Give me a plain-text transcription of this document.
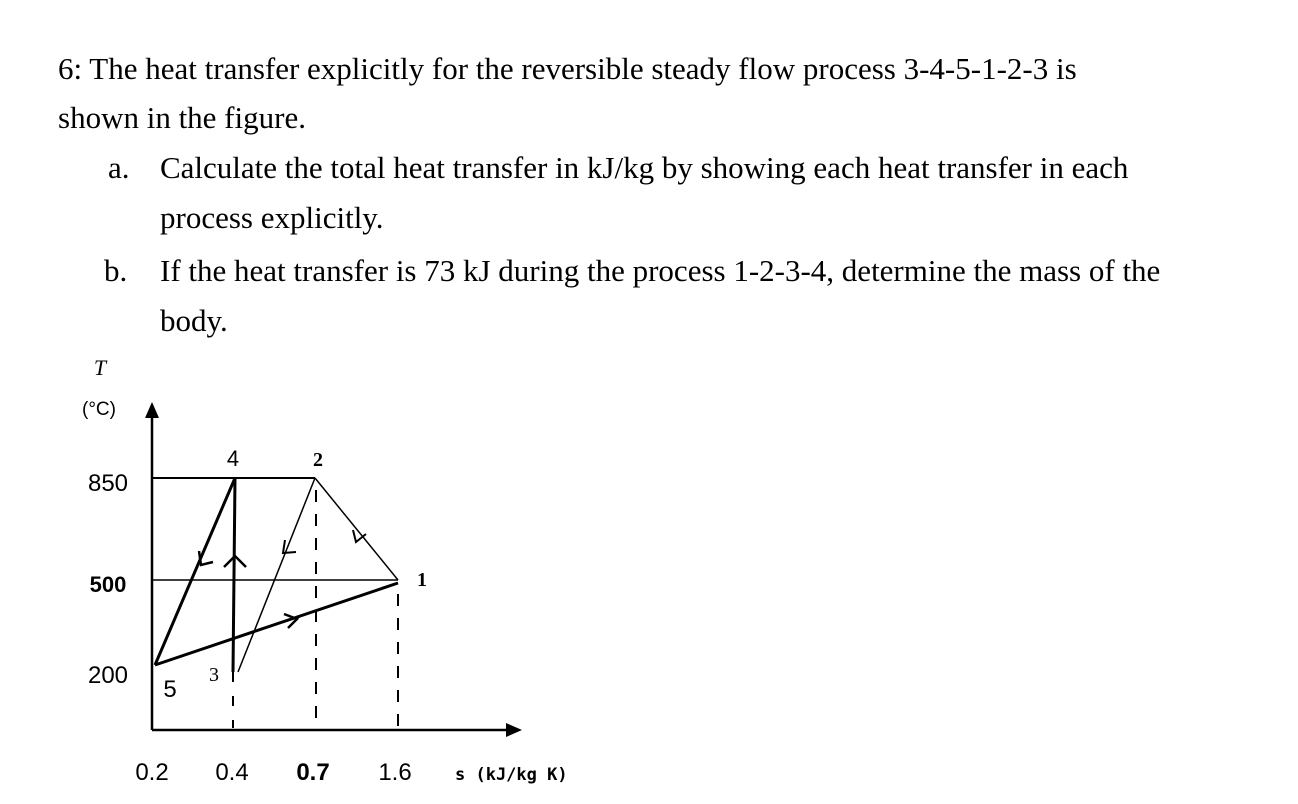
6: The heat transfer explicitly for the reversible steady flow process 3-4-5-1-2-3 is
shown in the figure.
a. Calculate the total heat transfer in kJ/kg by showing each heat transfer in each
process explicitly.
b. If the heat transfer is 73 kJ during the process 1-2-3-4, determine the mass of the
body.
T
(°C)
s (kJ/kg K)
850
500
200
0.2 0.4 0.7 1.6
5
3
4	2
1
